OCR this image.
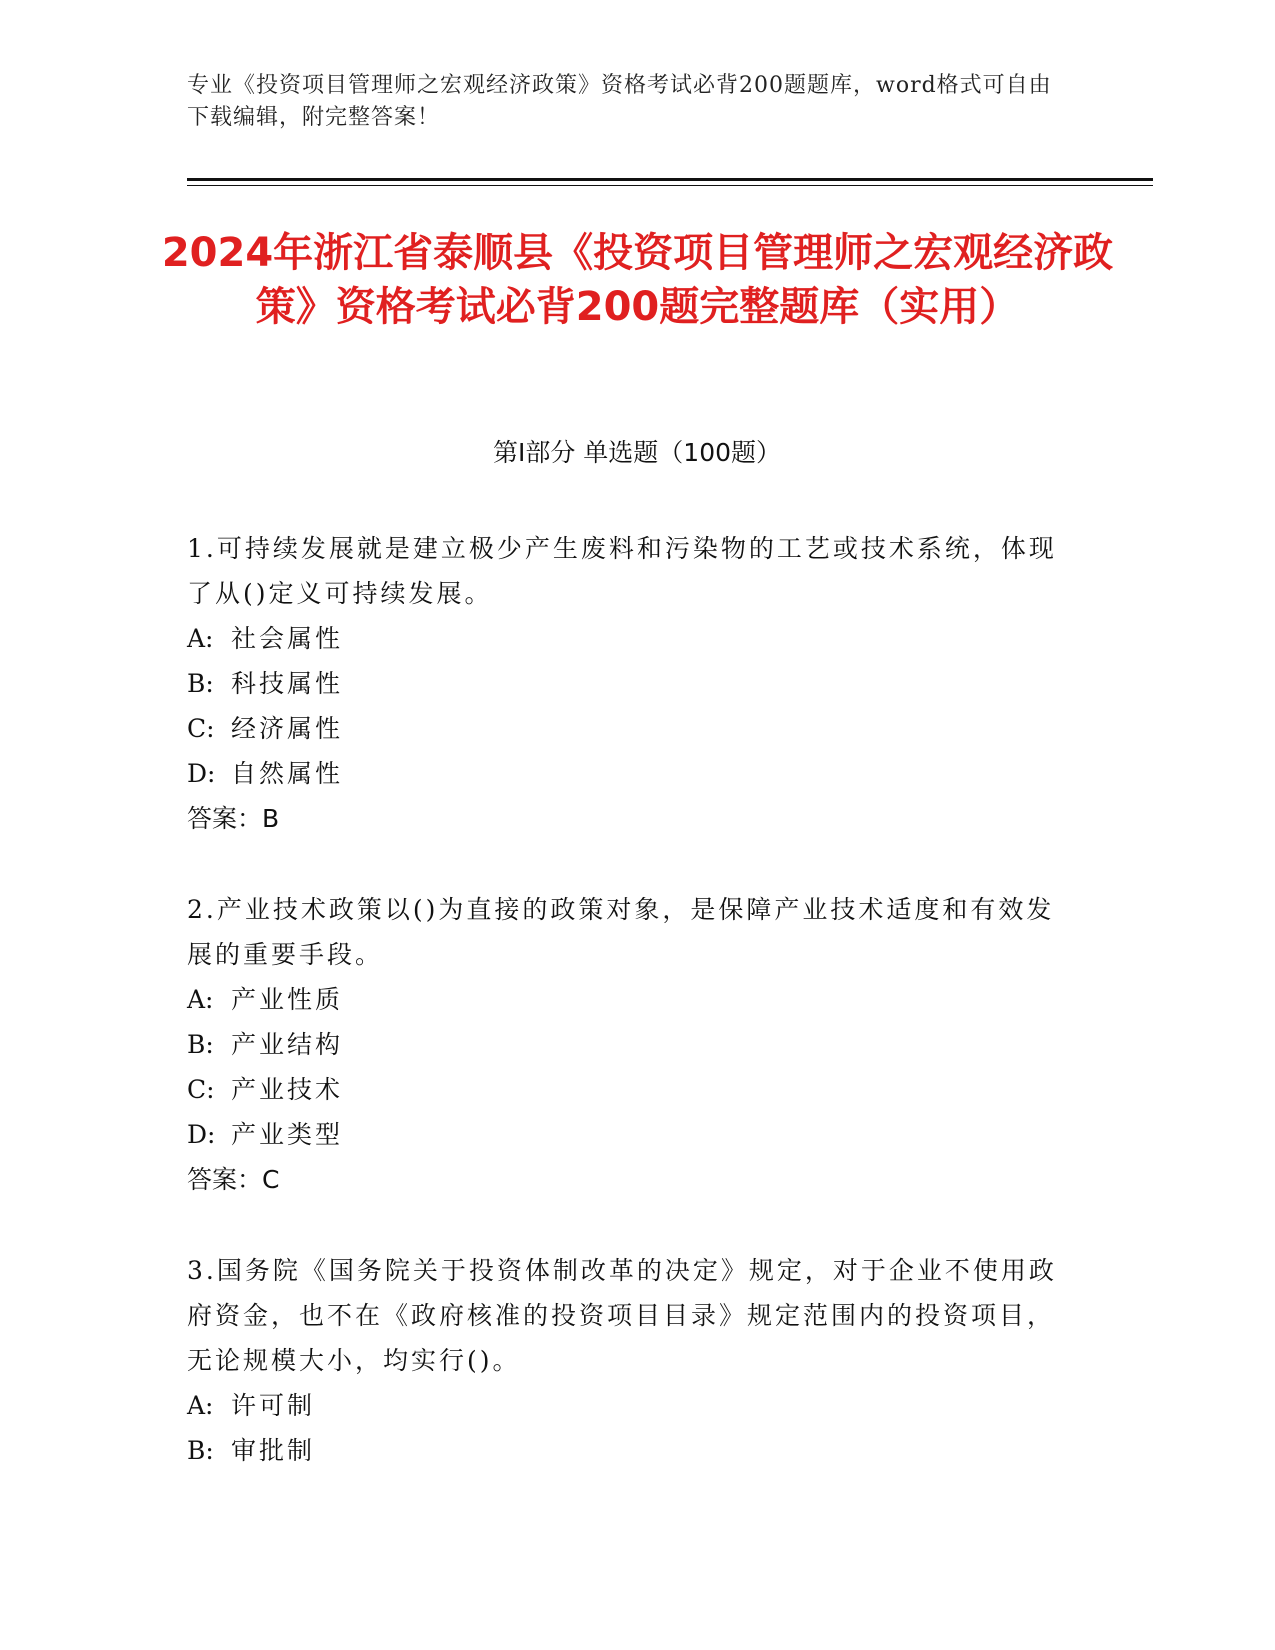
专业《投资项目管理师之宏观经济政策》资格考试必背200题题库，word格式可自由下载编辑，附完整答案！
2024年浙江省泰顺县《投资项目管理师之宏观经济政策》资格考试必背200题完整题库（实用）
第I部分 单选题（100题）

1.可持续发展就是建立极少产生废料和污染物的工艺或技术系统，体现了从()定义可持续发展。

A: 社会属性

B: 科技属性

C: 经济属性

D: 自然属性

答案：B

2.产业技术政策以()为直接的政策对象，是保障产业技术适度和有效发展的重要手段。

A: 产业性质

B: 产业结构

C: 产业技术

D: 产业类型

答案：C

3.国务院《国务院关于投资体制改革的决定》规定，对于企业不使用政府资金，也不在《政府核准的投资项目目录》规定范围内的投资项目，无论规模大小，均实行()。

A: 许可制

B: 审批制
